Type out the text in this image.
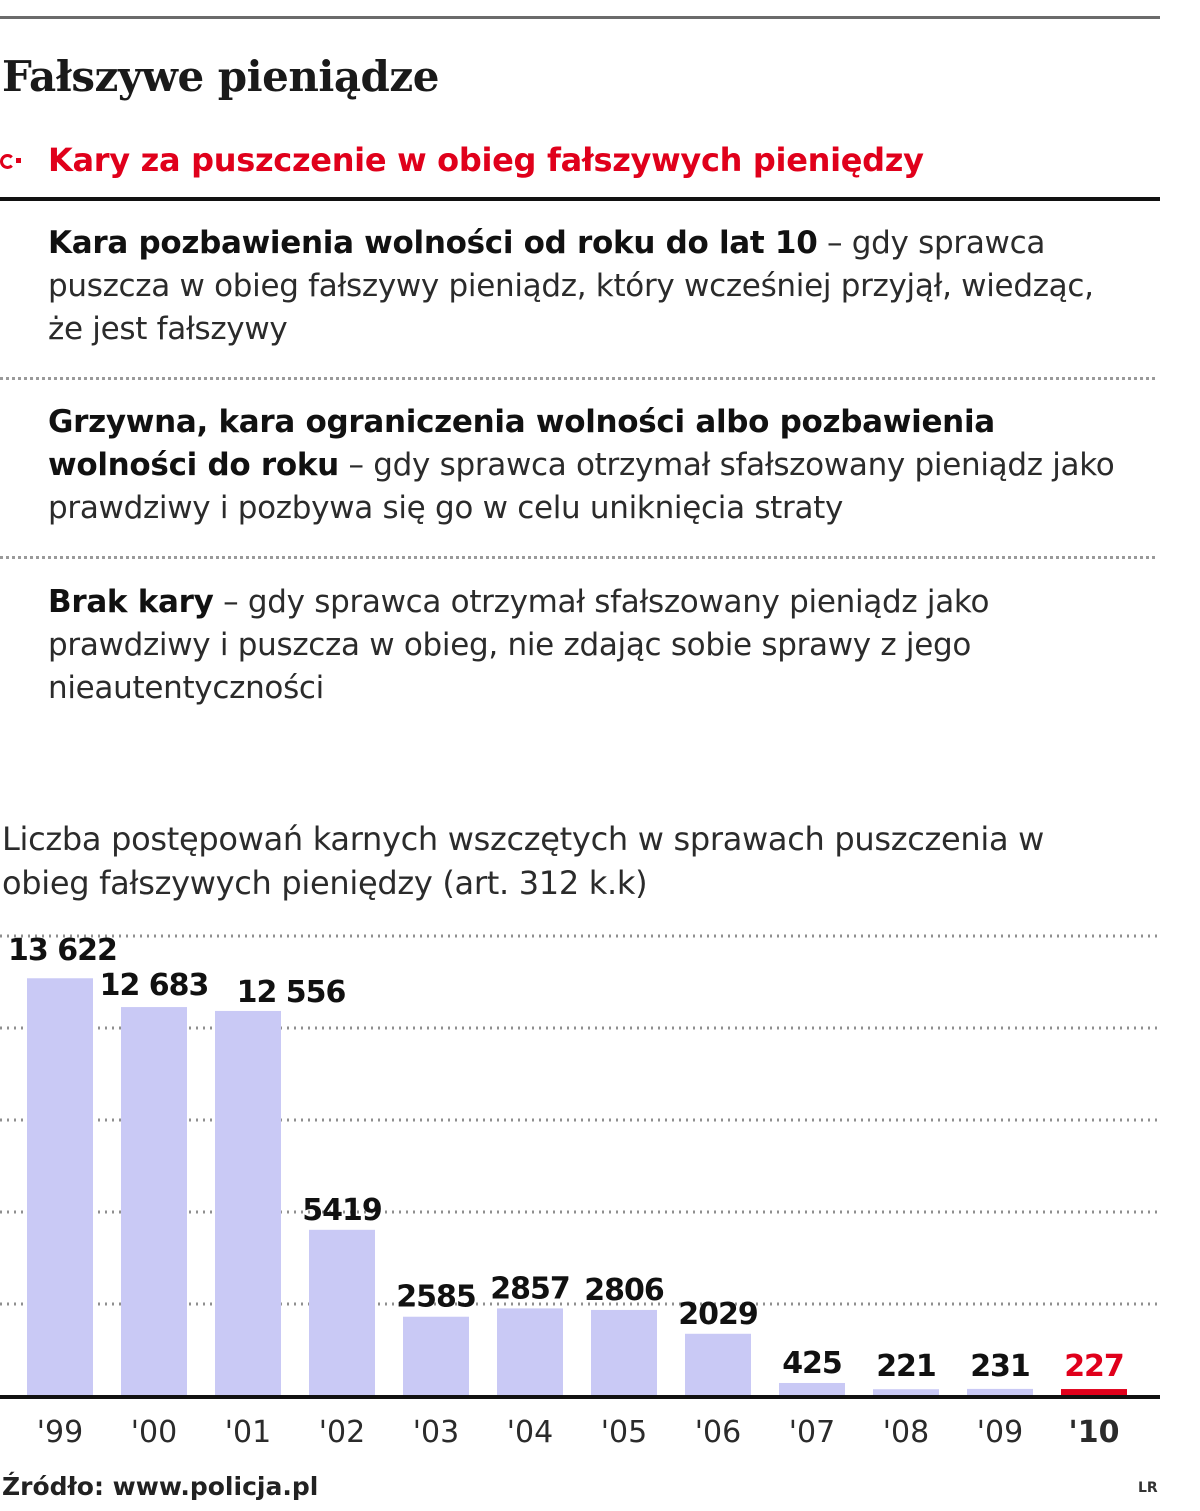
Fałszywe pieniądze
Kary za puszczenie w obieg fałszywych pieniędzy
Kara pozbawienia wolności od roku do lat 10 – gdy sprawca puszcza w obieg fałszywy pieniądz, który wcześniej przyjął, wiedząc, że jest fałszywy
Grzywna, kara ograniczenia wolności albo pozbawienia wolności do roku – gdy sprawca otrzymał sfałszowany pieniądz jako prawdziwy i pozbywa się go w celu uniknięcia straty
Brak kary – gdy sprawca otrzymał sfałszowany pieniądz jako prawdziwy i puszcza w obieg, nie zdając sobie sprawy z jego nieautentyczności

Liczba postępowań karnych wszczętych w sprawach puszczenia w obieg fałszywych pieniędzy (art. 312 k.k)

13 622
'99
12 683
'00
12 556
'01
5419
'02
2585
'03
2857
'04
2806
'05
2029
'06
425
'07
221
'08
231
'09
227
'10
Źródło: www.policja.pl	LR
